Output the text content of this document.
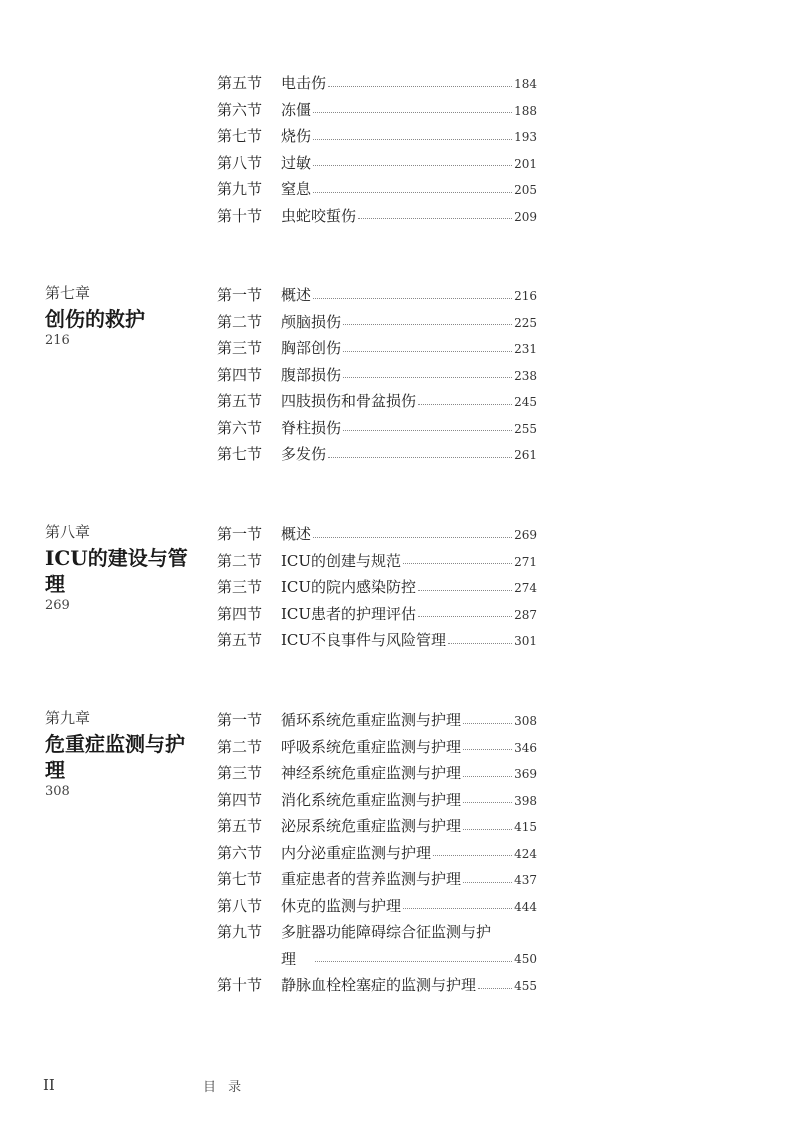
第五节	电击伤	184
第六节	冻僵	188
第七节	烧伤	193
第八节	过敏	201
第九节	窒息	205
第十节	虫蛇咬蜇伤	209
第七章
创伤的救护
216
第一节	概述	216
第二节	颅脑损伤	225
第三节	胸部创伤	231
第四节	腹部损伤	238
第五节	四肢损伤和骨盆损伤	245
第六节	脊柱损伤	255
第七节	多发伤	261
第八章
ICU的建设与管理
269
第一节	概述	269
第二节	ICU的创建与规范	271
第三节	ICU的院内感染防控	274
第四节	ICU患者的护理评估	287
第五节	ICU不良事件与风险管理	301
第九章
危重症监测与护理
308
第一节	循环系统危重症监测与护理	308
第二节	呼吸系统危重症监测与护理	346
第三节	神经系统危重症监测与护理	369
第四节	消化系统危重症监测与护理	398
第五节	泌尿系统危重症监测与护理	415
第六节	内分泌重症监测与护理	424
第七节	重症患者的营养监测与护理	437
第八节	休克的监测与护理	444
第九节	多脏器功能障碍综合征监测与护理	450
第十节	静脉血栓栓塞症的监测与护理	455
II	目 录
